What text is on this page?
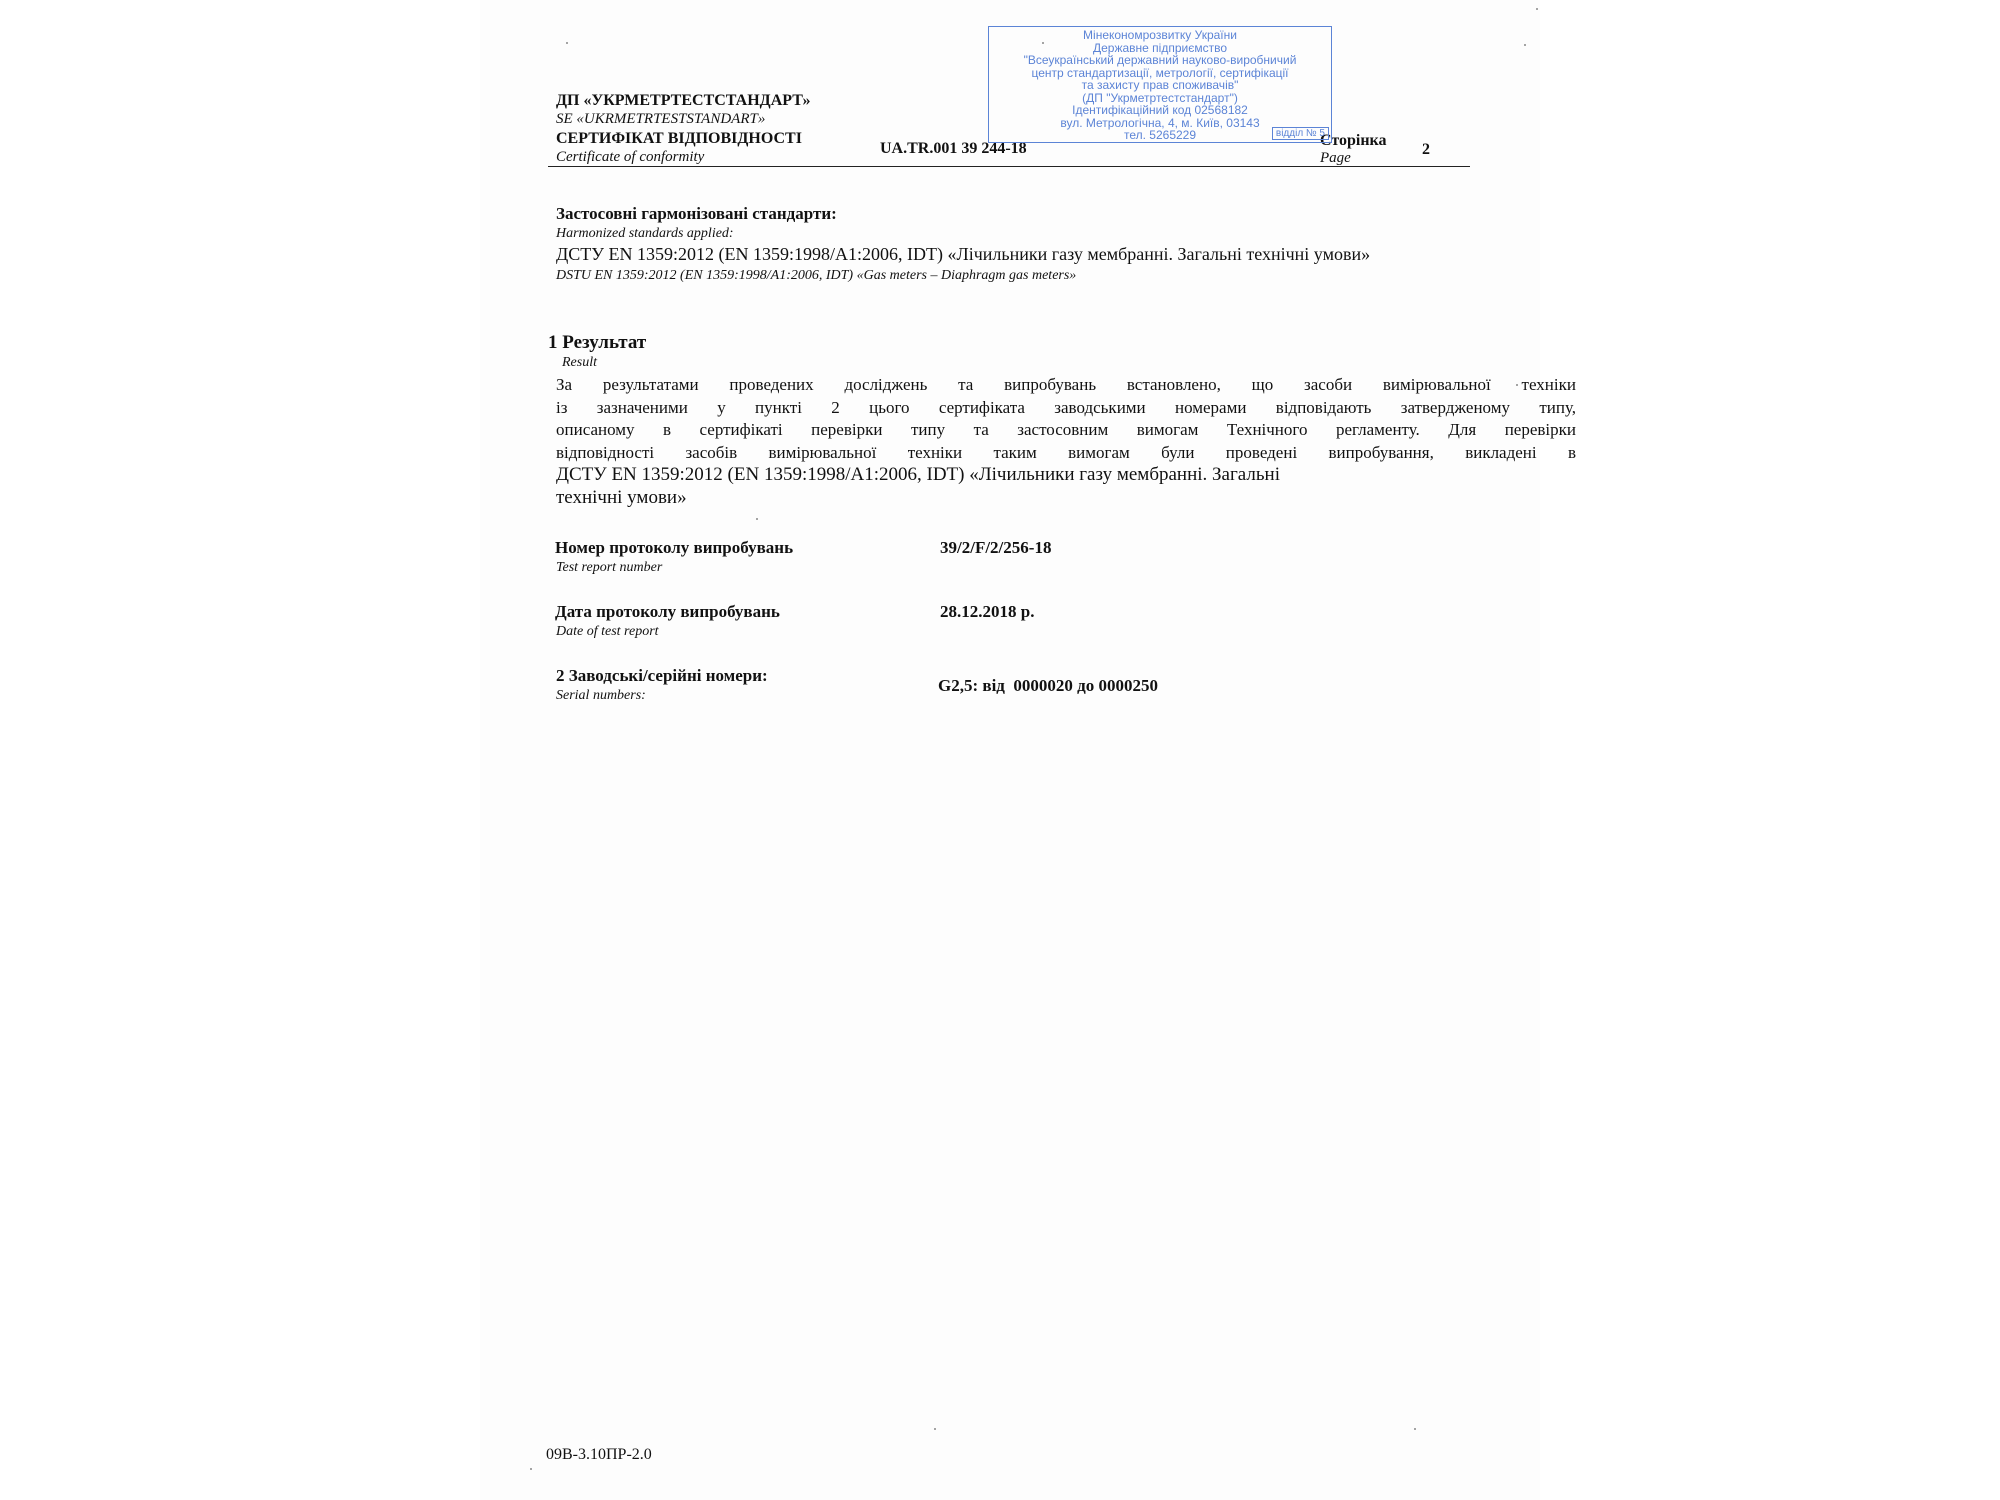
ДП «УКРМЕТРТЕСТСТАНДАРТ»
SE «UKRMETRTESTSTANDART»
СЕРТИФІКАТ ВІДПОВІДНОСТІ
Certificate of conformity	UA.TR.001 39 244-18	Сторінка
Page	2
Мінекономрозвитку України
Державне підприємство
"Всеукраїнський державний науково-виробничий
центр стандартизації, метрології, сертифікації
та захисту прав споживачів"
(ДП "Укрметртестстандарт")
Ідентифікаційний код 02568182
вул. Метрологічна, 4, м. Київ, 03143
тел. 5265229	відділ № 5
Застосовні гармонізовані стандарти:
Harmonized standards applied:
ДСТУ EN 1359:2012 (EN 1359:1998/A1:2006, IDT) «Лічильники газу мембранні. Загальні технічні умови»
DSTU EN 1359:2012 (EN 1359:1998/A1:2006, IDT) «Gas meters – Diaphragm gas meters»
1 Результат
Result
За результатами проведених досліджень та випробувань встановлено, що засоби вимірювальної техніки
із зазначеними у пункті 2 цього сертифіката заводськими номерами відповідають затвердженому типу,
описаному в сертифікаті перевірки типу та застосовним вимогам Технічного регламенту. Для перевірки
відповідності засобів вимірювальної техніки таким вимогам були проведені випробування, викладені в
ДСТУ EN 1359:2012 (EN 1359:1998/A1:2006, IDT) «Лічильники газу мембранні. Загальні
технічні умови»
Номер протоколу випробувань
Test report number
39/2/F/2/256-18
Дата протоколу випробувань
Date of test report
28.12.2018 р.
2 Заводські/серійні номери:
Serial numbers:
G2,5: від  0000020 до 0000250
09В-3.10ПР-2.0
